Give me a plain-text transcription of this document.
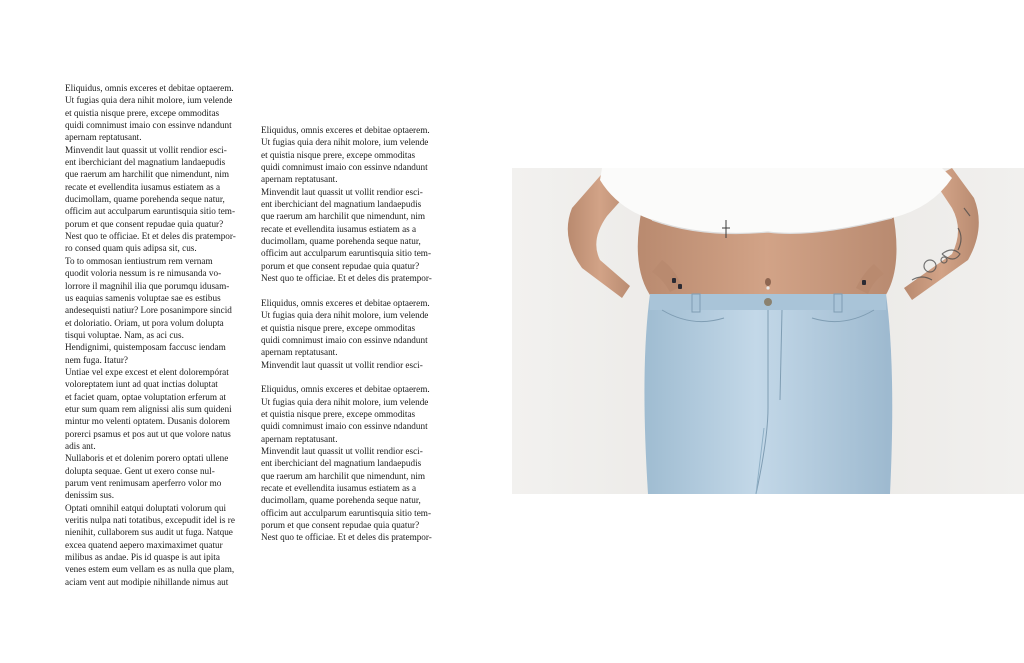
Eliquidus, omnis exceres et debitae optaerem.
Ut fugias quia dera nihit molore, ium velende
et quistia nisque prere, excepe ommoditas
quidi comnimust imaio con essinve ndandunt
apernam reptatusant.
Minvendit laut quassit ut vollit rendior esci-
ent iberchiciant del magnatium landaepudis
que raerum am harchilit que nimendunt, nim
recate et evellendita iusamus estiatem as a
ducimollam, quame porehenda seque natur,
officim aut acculparum earuntisquia sitio tem-
porum et que consent repudae quia quatur?
Nest quo te officiae. Et et deles dis pratempor-
ro consed quam quis adipsa sit, cus.
To to ommosan ientiustrum rem vernam
quodit voloria nessum is re nimusanda vo-
lorrore il magnihil ilia que porumqu idusam-
us eaquias samenis voluptae sae es estibus
andesequisti natiur? Lore posanimpore sincid
et doloriatio. Oriam, ut pora volum dolupta
tisqui voluptae. Nam, as aci cus.
Hendignimi, quistemposam faccusc iendam
nem fuga. Itatur?
Untiae vel expe excest et elent dolorempórat
voloreptatem iunt ad quat inctias doluptat
et faciet quam, optae voluptation erferum at
etur sum quam rem alignissi alis sum quideni
mintur mo velenti optatem. Dusanis dolorem
porerci psamus et pos aut ut que volore natus
adis ant.
Nullaboris et et dolenim porero optati ullene
dolupta sequae. Gent ut exero conse nul-
parum vent renimusam aperferro volor mo
denissim sus.
Optati omnihil eatqui doluptati volorum qui
veritis nulpa nati totatibus, excepudit idel is re
nienihit, cullaborem sus audit ut fuga. Natque
excea quatend aepero maximaximet quatur
milibus as andae. Pis id quaspe is aut ipita
venes estem eum vellam es as nulla que plam,
aciam vent aut modipie nihillande nimus aut
Eliquidus, omnis exceres et debitae optaerem.
Ut fugias quia dera nihit molore, ium velende
et quistia nisque prere, excepe ommoditas
quidi comnimust imaio con essinve ndandunt
apernam reptatusant.
Minvendit laut quassit ut vollit rendior esci-
ent iberchiciant del magnatium landaepudis
que raerum am harchilit que nimendunt, nim
recate et evellendita iusamus estiatem as a
ducimollam, quame porehenda seque natur,
officim aut acculparum earuntisquia sitio tem-
porum et que consent repudae quia quatur?
Nest quo te officiae. Et et deles dis pratempor-
Eliquidus, omnis exceres et debitae optaerem.
Ut fugias quia dera nihit molore, ium velende
et quistia nisque prere, excepe ommoditas
quidi comnimust imaio con essinve ndandunt
apernam reptatusant.
Minvendit laut quassit ut vollit rendior esci-
Eliquidus, omnis exceres et debitae optaerem.
Ut fugias quia dera nihit molore, ium velende
et quistia nisque prere, excepe ommoditas
quidi comnimust imaio con essinve ndandunt
apernam reptatusant.
Minvendit laut quassit ut vollit rendior esci-
ent iberchiciant del magnatium landaepudis
que raerum am harchilit que nimendunt, nim
recate et evellendita iusamus estiatem as a
ducimollam, quame porehenda seque natur,
officim aut acculparum earuntisquia sitio tem-
porum et que consent repudae quia quatur?
Nest quo te officiae. Et et deles dis pratempor-
